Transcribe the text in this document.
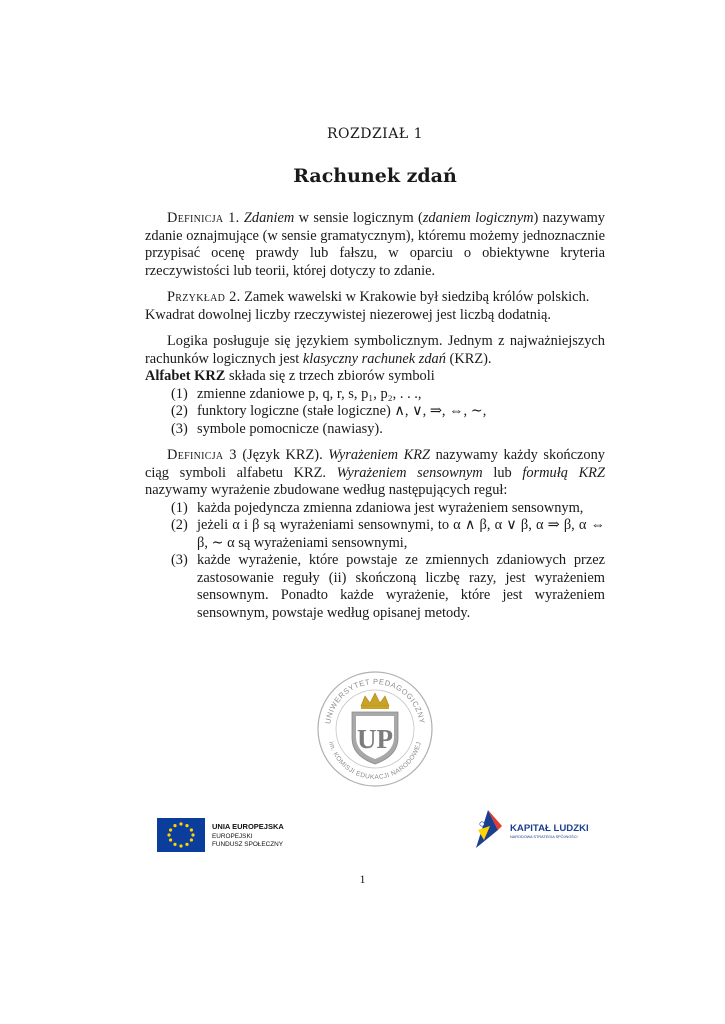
ROZDZIAŁ 1
Rachunek zdań

Definicja 1. Zdaniem w sensie logicznym (zdaniem logicznym) nazywamy zdanie oznajmujące (w sensie gramatycznym), któremu możemy jednoznacznie przypisać ocenę prawdy lub fałszu, w oparciu o obiektywne kryteria rzeczywistości lub teorii, której dotyczy to zdanie.

Przykład 2. Zamek wawelski w Krakowie był siedzibą królów polskich.

Kwadrat dowolnej liczby rzeczywistej niezerowej jest liczbą dodatnią.

Logika posługuje się językiem symbolicznym. Jednym z najważniejszych rachunków logicznych jest klasyczny rachunek zdań (KRZ).

Alfabet KRZ składa się z trzech zbiorów symboli

(1) zmienne zdaniowe p, q, r, s, p₁, p₂, . . .,
(2) funktory logiczne (stałe logiczne) ∧, ∨, ⇒, ⇔, ∼,
(3) symbole pomocnicze (nawiasy).

Definicja 3 (Język KRZ). Wyrażeniem KRZ nazywamy każdy skończony ciąg symboli alfabetu KRZ. Wyrażeniem sensownym lub formułą KRZ nazywamy wyrażenie zbudowane według następujących reguł:

(1) każda pojedyncza zmienna zdaniowa jest wyrażeniem sensownym,
(2) jeżeli α i β są wyrażeniami sensownymi, to α ∧ β, α ∨ β, α ⇒ β, α ⇔ β, ∼ α są wyrażeniami sensownymi,
(3) każde wyrażenie, które powstaje ze zmiennych zdaniowych przez zastosowanie reguły (ii) skończoną liczbę razy, jest wyrażeniem sensownym. Ponadto każde wyrażenie, które jest wyrażeniem sensownym, powstaje według opisanej metody.
UNIWERSYTET PEDAGOGICZNY
im. KOMISJI EDUKACJI NARODOWEJ
UP
UNIA EUROPEJSKA
EUROPEJSKI
FUNDUSZ SPOŁECZNY
KAPITAŁ LUDZKI
NARODOWA STRATEGIA SPÓJNOŚCI
1
